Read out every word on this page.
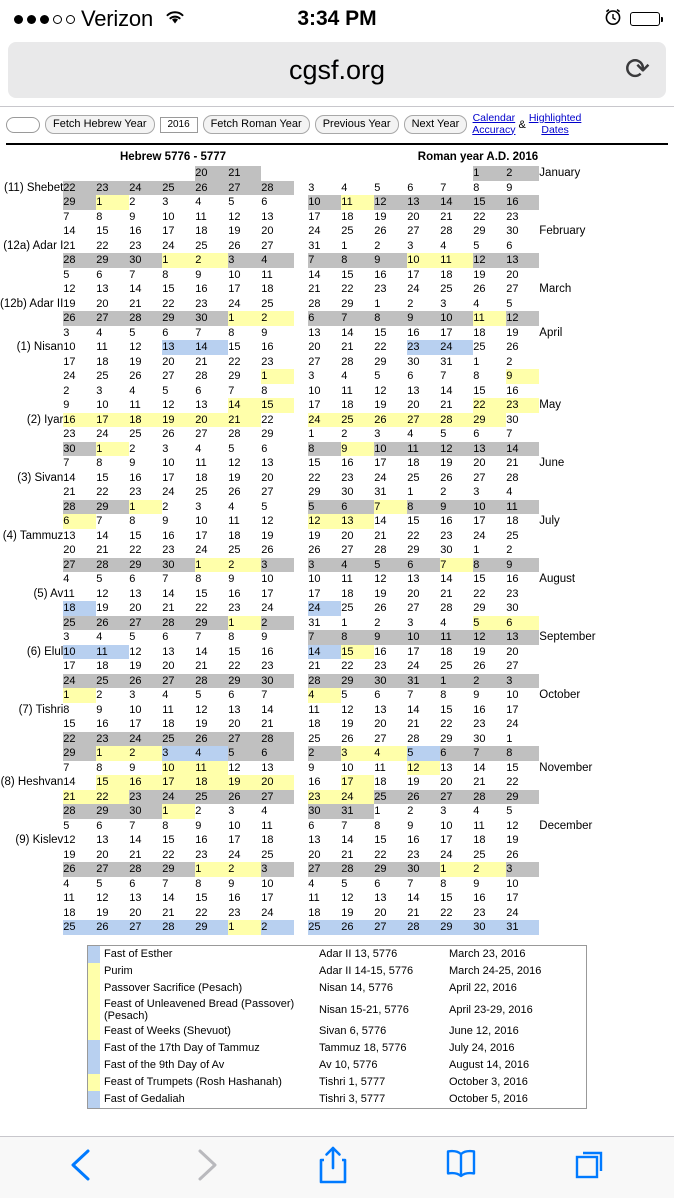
Verizon	3:34 PM
cgsf.org	⟳
Fetch Hebrew Year	2016	Fetch Roman Year	Previous Year	Next Year	Calendar
Accuracy &
Highlighted
Dates
Hebrew 5776 - 5777	Roman year A.D. 2016
					20	21								1	2	January
(11) Shebet	22	23	24	25	26	27	28		3	4	5	6	7	8	9	
	29	1	2	3	4	5	6		10	11	12	13	14	15	16	
	7	8	9	10	11	12	13		17	18	19	20	21	22	23	
	14	15	16	17	18	19	20		24	25	26	27	28	29	30	February
(12a) Adar I	21	22	23	24	25	26	27		31	1	2	3	4	5	6	
	28	29	30	1	2	3	4		7	8	9	10	11	12	13	
	5	6	7	8	9	10	11		14	15	16	17	18	19	20	
	12	13	14	15	16	17	18		21	22	23	24	25	26	27	March
(12b) Adar II	19	20	21	22	23	24	25		28	29	1	2	3	4	5	
	26	27	28	29	30	1	2		6	7	8	9	10	11	12	
	3	4	5	6	7	8	9		13	14	15	16	17	18	19	April
(1) Nisan	10	11	12	13	14	15	16		20	21	22	23	24	25	26	
	17	18	19	20	21	22	23		27	28	29	30	31	1	2	
	24	25	26	27	28	29	1		3	4	5	6	7	8	9	
	2	3	4	5	6	7	8		10	11	12	13	14	15	16	
	9	10	11	12	13	14	15		17	18	19	20	21	22	23	May
(2) Iyar	16	17	18	19	20	21	22		24	25	26	27	28	29	30	
	23	24	25	26	27	28	29		1	2	3	4	5	6	7	
	30	1	2	3	4	5	6		8	9	10	11	12	13	14	
	7	8	9	10	11	12	13		15	16	17	18	19	20	21	June
(3) Sivan	14	15	16	17	18	19	20		22	23	24	25	26	27	28	
	21	22	23	24	25	26	27		29	30	31	1	2	3	4	
	28	29	1	2	3	4	5		5	6	7	8	9	10	11	
	6	7	8	9	10	11	12		12	13	14	15	16	17	18	July
(4) Tammuz	13	14	15	16	17	18	19		19	20	21	22	23	24	25	
	20	21	22	23	24	25	26		26	27	28	29	30	1	2	
	27	28	29	30	1	2	3		3	4	5	6	7	8	9	
	4	5	6	7	8	9	10		10	11	12	13	14	15	16	August
(5) Av	11	12	13	14	15	16	17		17	18	19	20	21	22	23	
	18	19	20	21	22	23	24		24	25	26	27	28	29	30	
	25	26	27	28	29	1	2		31	1	2	3	4	5	6	
	3	4	5	6	7	8	9		7	8	9	10	11	12	13	September
(6) Elul	10	11	12	13	14	15	16		14	15	16	17	18	19	20	
	17	18	19	20	21	22	23		21	22	23	24	25	26	27	
	24	25	26	27	28	29	30		28	29	30	31	1	2	3	
	1	2	3	4	5	6	7		4	5	6	7	8	9	10	October
(7) Tishri	8	9	10	11	12	13	14		11	12	13	14	15	16	17	
	15	16	17	18	19	20	21		18	19	20	21	22	23	24	
	22	23	24	25	26	27	28		25	26	27	28	29	30	1	
	29	1	2	3	4	5	6		2	3	4	5	6	7	8	
	7	8	9	10	11	12	13		9	10	11	12	13	14	15	November
(8) Heshvan	14	15	16	17	18	19	20		16	17	18	19	20	21	22	
	21	22	23	24	25	26	27		23	24	25	26	27	28	29	
	28	29	30	1	2	3	4		30	31	1	2	3	4	5	
	5	6	7	8	9	10	11		6	7	8	9	10	11	12	December
(9) Kislev	12	13	14	15	16	17	18		13	14	15	16	17	18	19	
	19	20	21	22	23	24	25		20	21	22	23	24	25	26	
	26	27	28	29	1	2	3		27	28	29	30	1	2	3	
	4	5	6	7	8	9	10		4	5	6	7	8	9	10	
	11	12	13	14	15	16	17		11	12	13	14	15	16	17	
	18	19	20	21	22	23	24		18	19	20	21	22	23	24	
	25	26	27	28	29	1	2		25	26	27	28	29	30	31	
	Fast of Esther	Adar II 13, 5776	March 23, 2016
	Purim	Adar II 14-15, 5776	March 24-25, 2016
	Passover Sacrifice (Pesach)	Nisan 14, 5776	April 22, 2016
	Feast of Unleavened Bread (Passover) (Pesach)	Nisan 15-21, 5776	April 23-29, 2016
	Feast of Weeks (Shevuot)	Sivan 6, 5776	June 12, 2016
	Fast of the 17th Day of Tammuz	Tammuz 18, 5776	July 24, 2016
	Fast of the 9th Day of Av	Av 10, 5776	August 14, 2016
	Feast of Trumpets (Rosh Hashanah)	Tishri 1, 5777	October 3, 2016
	Fast of Gedaliah	Tishri 3, 5777	October 5, 2016
